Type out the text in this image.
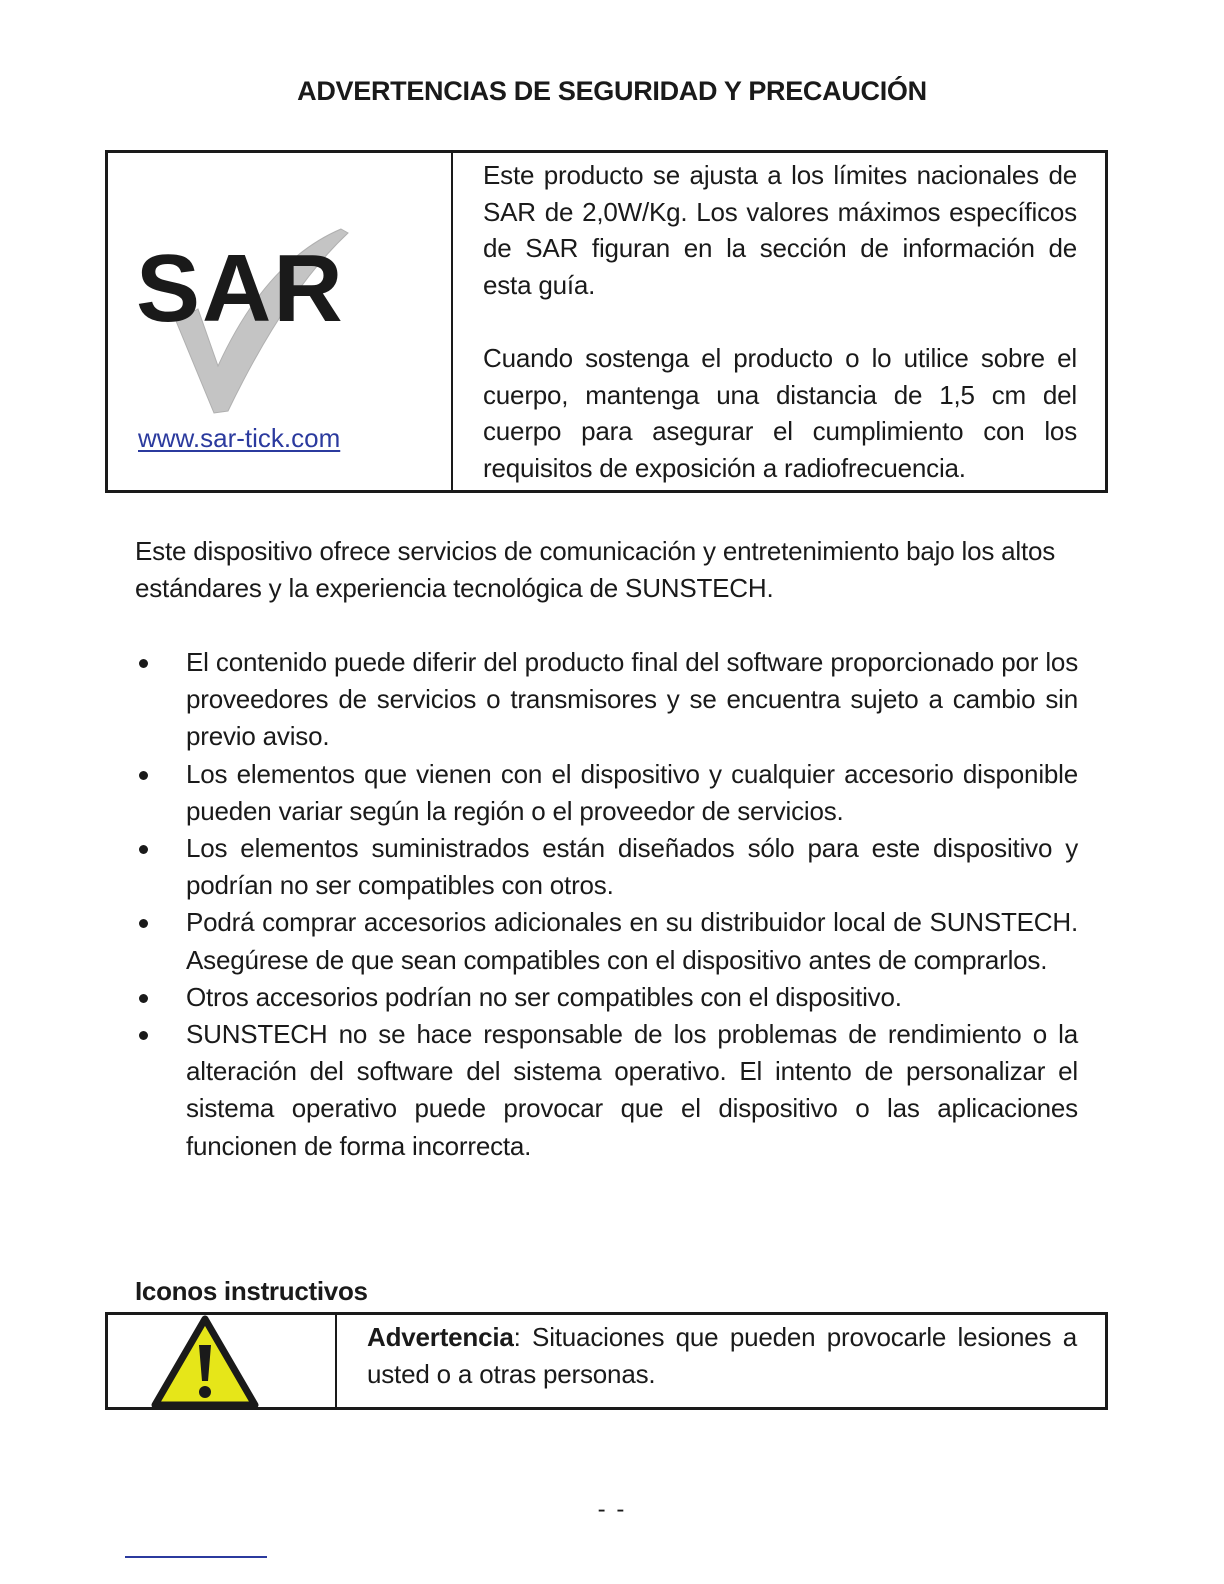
ADVERTENCIAS DE SEGURIDAD Y PRECAUCIÓN
SAR
www.sar-tick.com

Este producto se ajusta a los límites nacionales de SAR de 2,0W/Kg. Los valores máximos específicos de SAR figuran en la sección de información de esta guía.

Cuando sostenga el producto o lo utilice sobre el cuerpo, mantenga una distancia de 1,5 cm del cuerpo para asegurar el cumplimiento con los requisitos de exposición a radiofrecuencia.

Este dispositivo ofrece servicios de comunicación y entretenimiento bajo los altos estándares y la experiencia tecnológica de SUNSTECH.

El contenido puede diferir del producto final del software proporcionado por los proveedores de servicios o transmisores y se encuentra sujeto a cambio sin previo aviso.
Los elementos que vienen con el dispositivo y cualquier accesorio disponible pueden variar según la región o el proveedor de servicios.
Los elementos suministrados están diseñados sólo para este dispositivo y podrían no ser compatibles con otros.
Podrá comprar accesorios adicionales en su distribuidor local de SUNSTECH. Asegúrese de que sean compatibles con el dispositivo antes de comprarlos.
Otros accesorios podrían no ser compatibles con el dispositivo.
SUNSTECH no se hace responsable de los problemas de rendimiento o la alteración del software del sistema operativo. El intento de personalizar el sistema operativo puede provocar que el dispositivo o las aplicaciones funcionen de forma incorrecta.
Iconos instructivos
Advertencia: Situaciones que pueden provocarle lesiones a usted o a otras personas.
- -
